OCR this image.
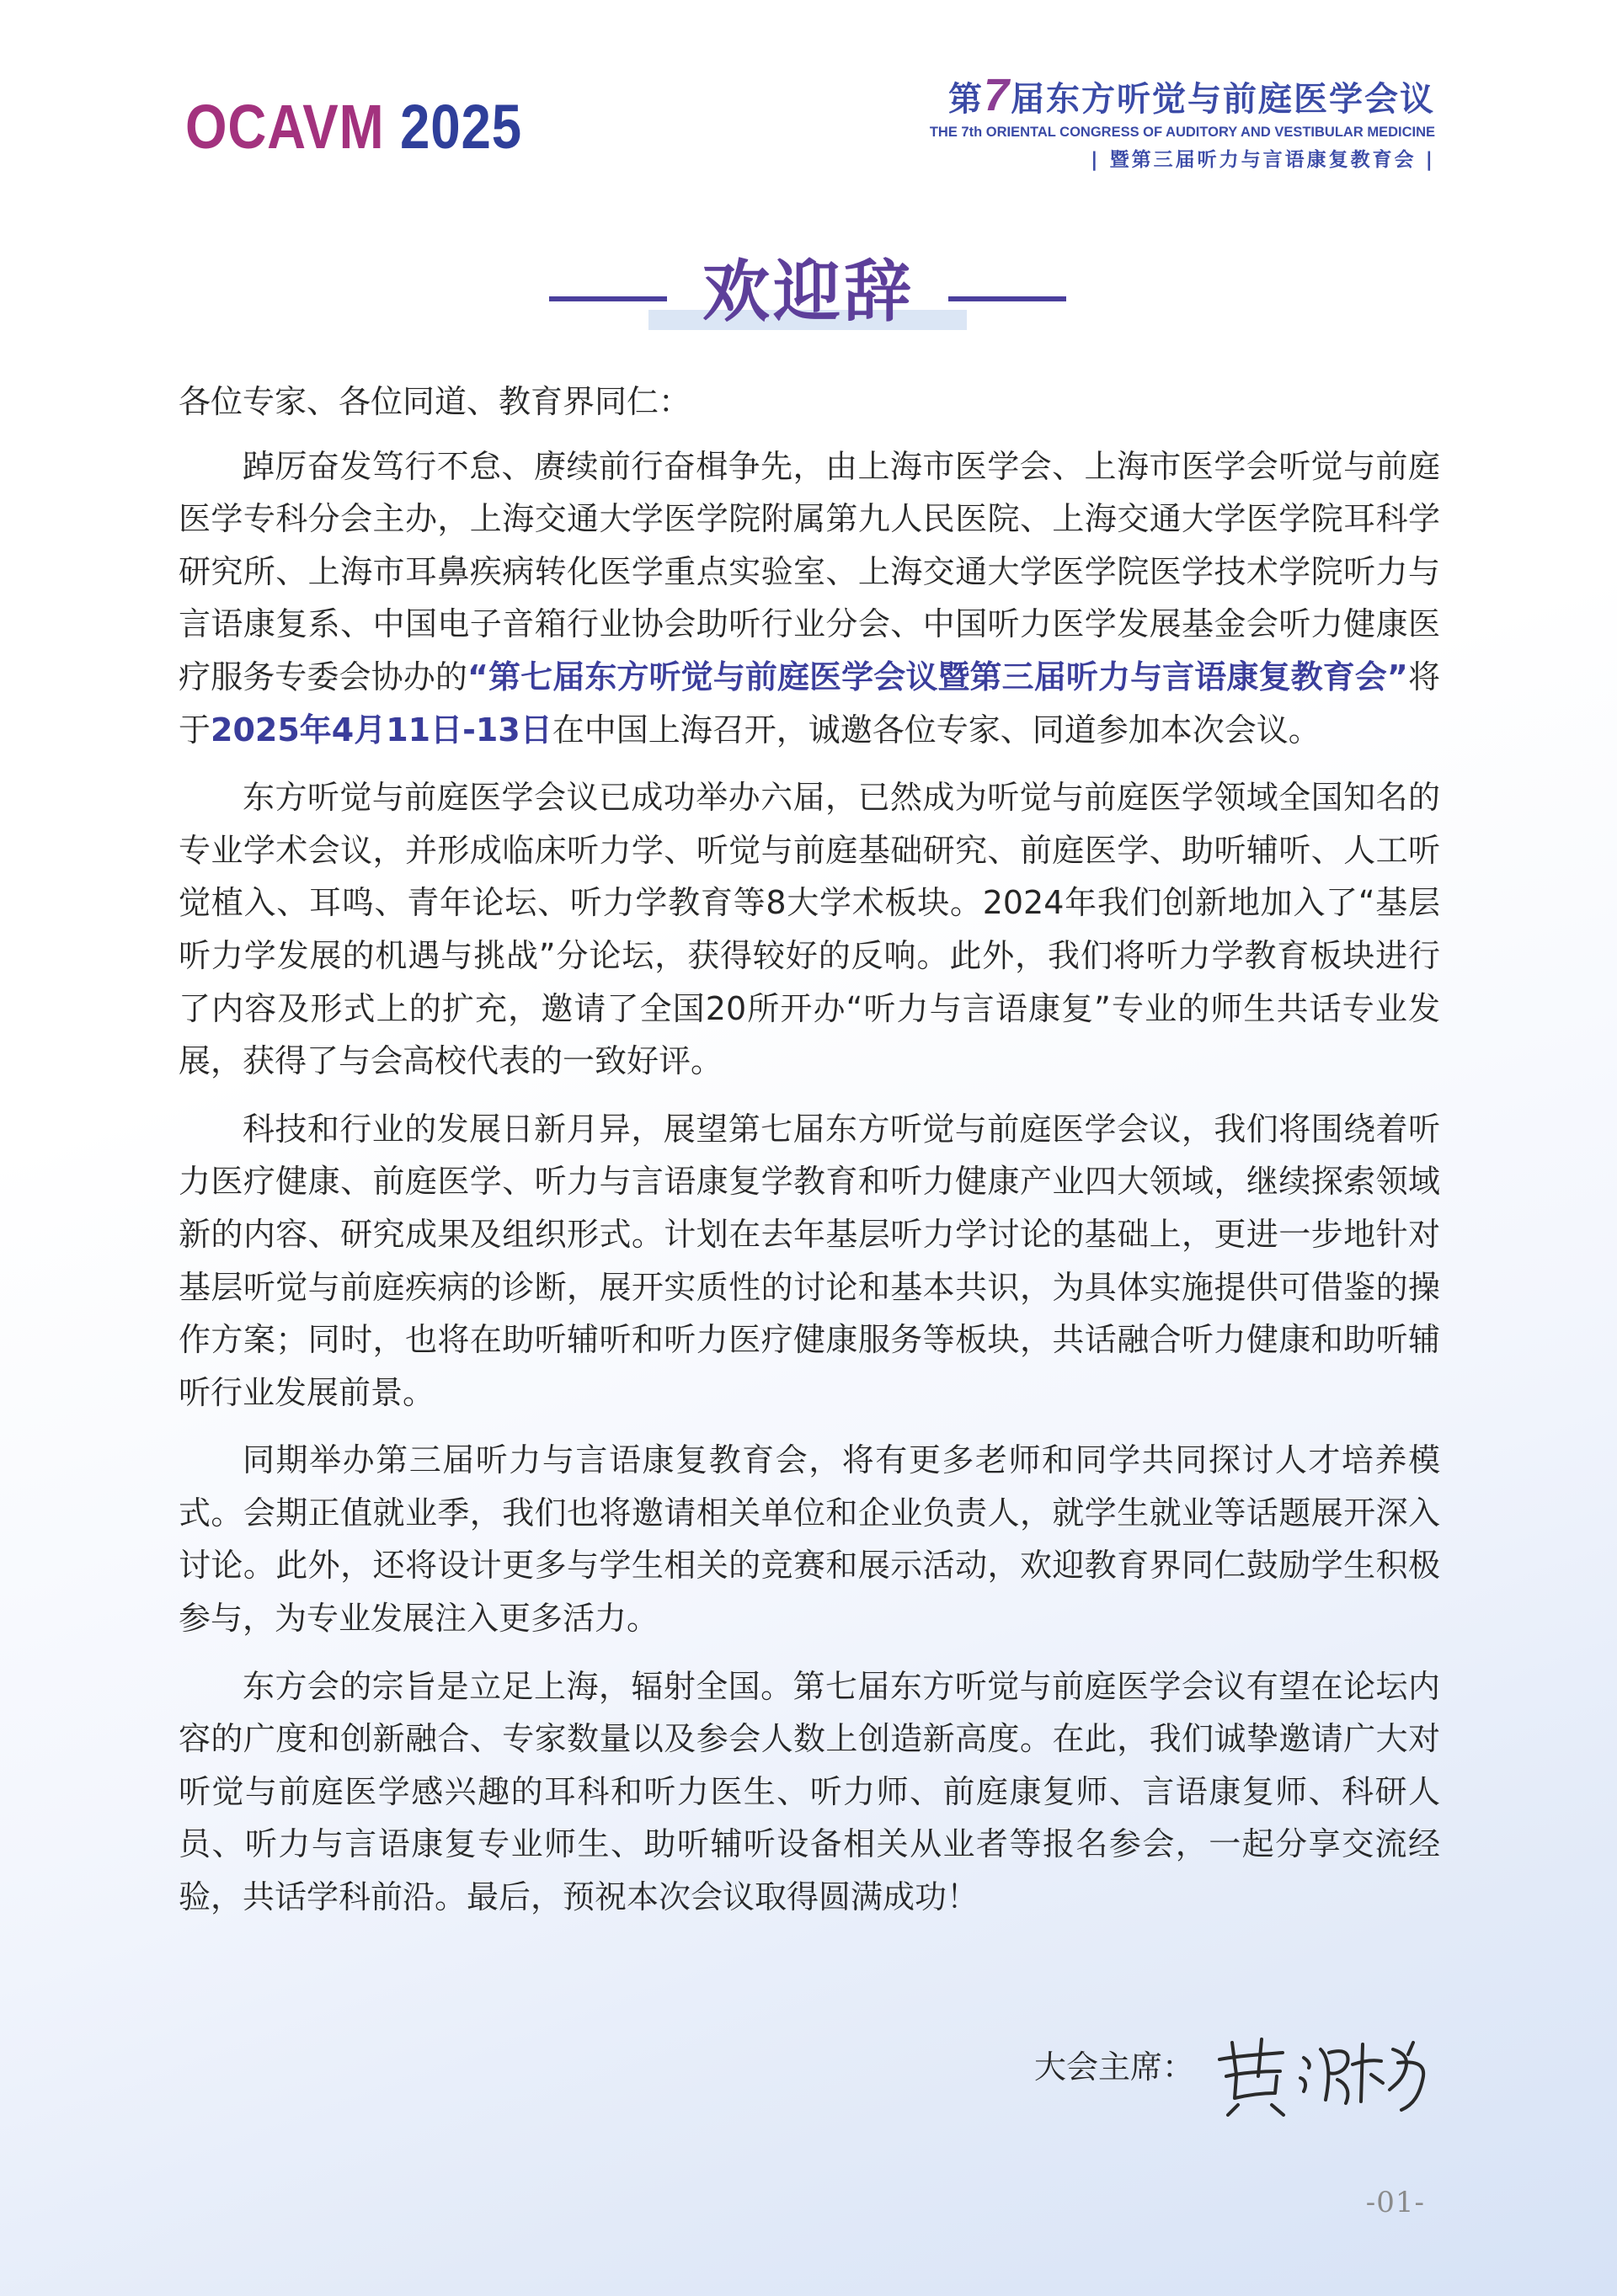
OCAVM 2025	第7届东方听觉与前庭医学会议
THE 7th ORIENTAL CONGRESS OF AUDITORY AND VESTIBULAR MEDICINE
| 暨第三届听力与言语康复教育会 |
欢迎辞

各位专家、各位同道、教育界同仁：

踔厉奋发笃行不怠、赓续前行奋楫争先，由上海市医学会、上海市医学会听觉与前庭医学专科分会主办，上海交通大学医学院附属第九人民医院、上海交通大学医学院耳科学研究所、上海市耳鼻疾病转化医学重点实验室、上海交通大学医学院医学技术学院听力与言语康复系、中国电子音箱行业协会助听行业分会、中国听力医学发展基金会听力健康医疗服务专委会协办的“第七届东方听觉与前庭医学会议暨第三届听力与言语康复教育会”将于2025年4月11日-13日在中国上海召开，诚邀各位专家、同道参加本次会议。

东方听觉与前庭医学会议已成功举办六届，已然成为听觉与前庭医学领域全国知名的专业学术会议，并形成临床听力学、听觉与前庭基础研究、前庭医学、助听辅听、人工听觉植入、耳鸣、青年论坛、听力学教育等8大学术板块。2024年我们创新地加入了“基层听力学发展的机遇与挑战”分论坛，获得较好的反响。此外，我们将听力学教育板块进行了内容及形式上的扩充，邀请了全国20所开办“听力与言语康复”专业的师生共话专业发展，获得了与会高校代表的一致好评。

科技和行业的发展日新月异，展望第七届东方听觉与前庭医学会议，我们将围绕着听力医疗健康、前庭医学、听力与言语康复学教育和听力健康产业四大领域，继续探索领域新的内容、研究成果及组织形式。计划在去年基层听力学讨论的基础上，更进一步地针对基层听觉与前庭疾病的诊断，展开实质性的讨论和基本共识，为具体实施提供可借鉴的操作方案；同时，也将在助听辅听和听力医疗健康服务等板块，共话融合听力健康和助听辅听行业发展前景。

同期举办第三届听力与言语康复教育会，将有更多老师和同学共同探讨人才培养模式。会期正值就业季，我们也将邀请相关单位和企业负责人，就学生就业等话题展开深入讨论。此外，还将设计更多与学生相关的竞赛和展示活动，欢迎教育界同仁鼓励学生积极参与，为专业发展注入更多活力。

东方会的宗旨是立足上海，辐射全国。第七届东方听觉与前庭医学会议有望在论坛内容的广度和创新融合、专家数量以及参会人数上创造新高度。在此，我们诚挚邀请广大对听觉与前庭医学感兴趣的耳科和听力医生、听力师、前庭康复师、言语康复师、科研人员、听力与言语康复专业师生、助听辅听设备相关从业者等报名参会，一起分享交流经验，共话学科前沿。最后，预祝本次会议取得圆满成功！

大会主席：
-01-
